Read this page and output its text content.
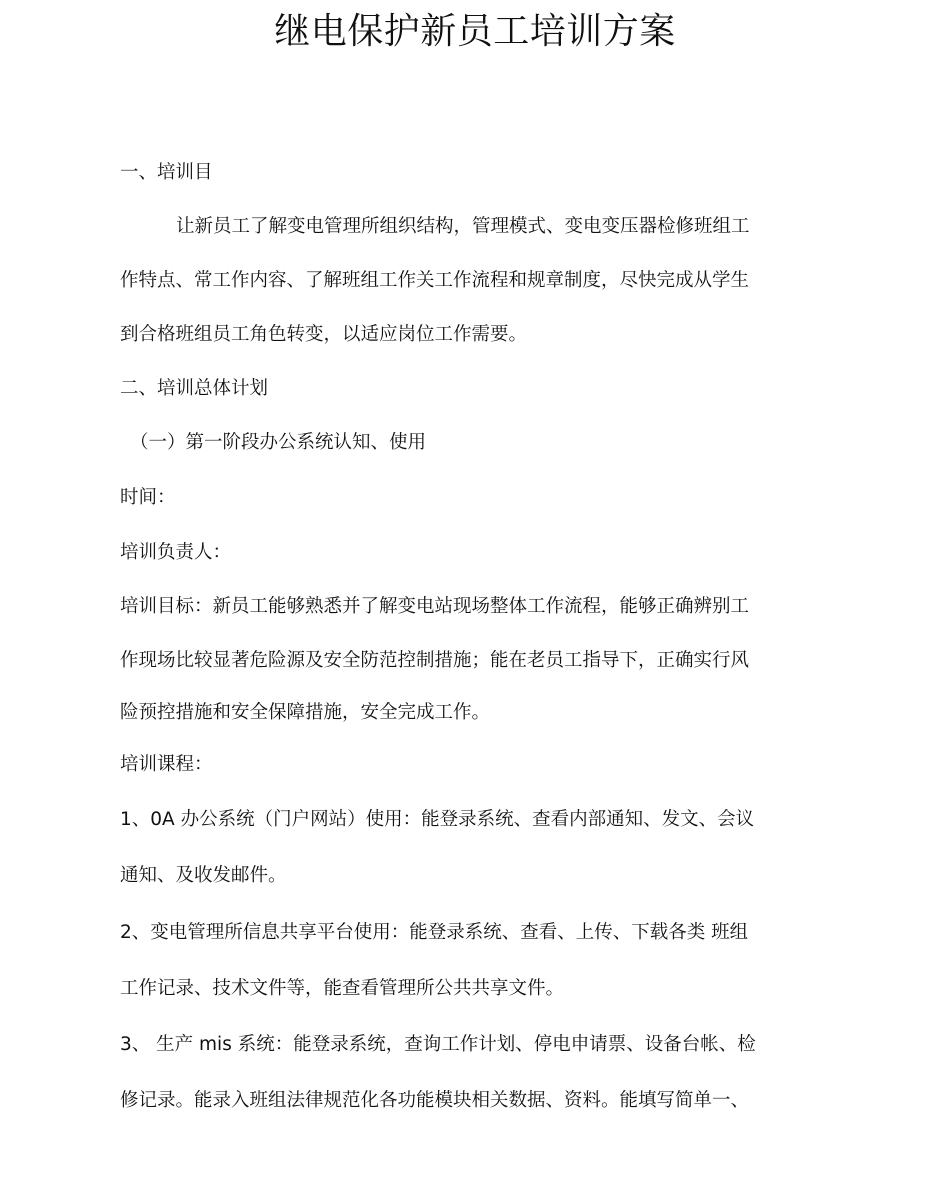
继电保护新员工培训方案
一、培训目
让新员工了解变电管理所组织结构，管理模式、变电变压器检修班组工
作特点、常工作内容、了解班组工作关工作流程和规章制度，尽快完成从学生
到合格班组员工角色转变，以适应岗位工作需要。
二、培训总体计划
（一）第一阶段办公系统认知、使用
时间：
培训负责人：
培训目标：新员工能够熟悉并了解变电站现场整体工作流程，能够正确辨别工
作现场比较显著危险源及安全防范控制措施；能在老员工指导下，正确实行风
险预控措施和安全保障措施，安全完成工作。
培训课程：
1、0A 办公系统（门户网站）使用：能登录系统、查看内部通知、发文、会议
通知、及收发邮件。
2、变电管理所信息共享平台使用：能登录系统、查看、上传、下载各类 班组
工作记录、技术文件等，能查看管理所公共共享文件。
3、 生产 mis 系统：能登录系统，查询工作计划、停电申请票、设备台帐、检
修记录。能录入班组法律规范化各功能模块相关数据、资料。能填写简单一、
